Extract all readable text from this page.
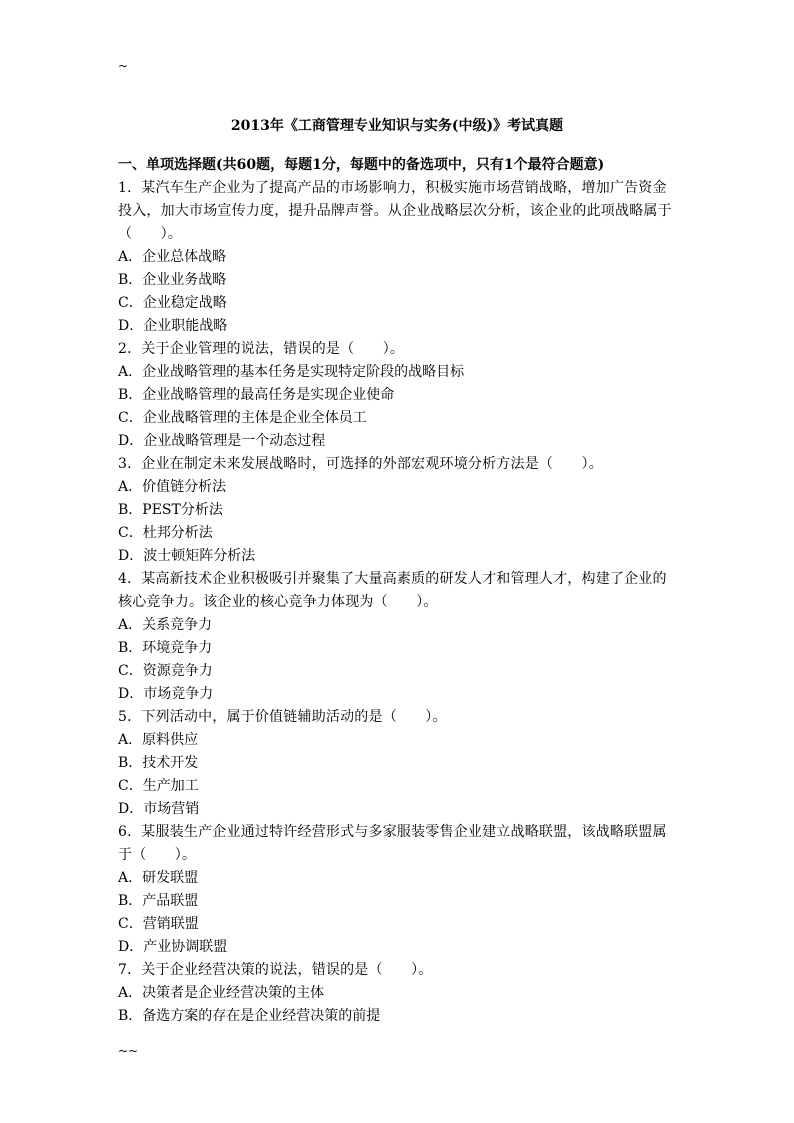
~
2013年《工商管理专业知识与实务(中级)》考试真题
一、单项选择题(共60题，每题1分，每题中的备选项中，只有1个最符合题意)
1．某汽车生产企业为了提高产品的市场影响力，积极实施市场营销战略，增加广告资金投入，加大市场宣传力度，提升品牌声誉。从企业战略层次分析，该企业的此项战略属于（　　）。
A．企业总体战略
B．企业业务战略
C．企业稳定战略
D．企业职能战略
2．关于企业管理的说法，错误的是（　　）。
A．企业战略管理的基本任务是实现特定阶段的战略目标
B．企业战略管理的最高任务是实现企业使命
C．企业战略管理的主体是企业全体员工
D．企业战略管理是一个动态过程
3．企业在制定未来发展战略时，可选择的外部宏观环境分析方法是（　　）。
A．价值链分析法
B．PEST分析法
C．杜邦分析法
D．波士顿矩阵分析法
4．某高新技术企业积极吸引并聚集了大量高素质的研发人才和管理人才，构建了企业的核心竞争力。该企业的核心竞争力体现为（　　）。
A．关系竞争力
B．环境竞争力
C．资源竞争力
D．市场竞争力
5．下列活动中，属于价值链辅助活动的是（　　）。
A．原料供应
B．技术开发
C．生产加工
D．市场营销
6．某服装生产企业通过特许经营形式与多家服装零售企业建立战略联盟，该战略联盟属于（　　）。
A．研发联盟
B．产品联盟
C．营销联盟
D．产业协调联盟
7．关于企业经营决策的说法，错误的是（　　）。
A．决策者是企业经营决策的主体
B．备选方案的存在是企业经营决策的前提
~~
